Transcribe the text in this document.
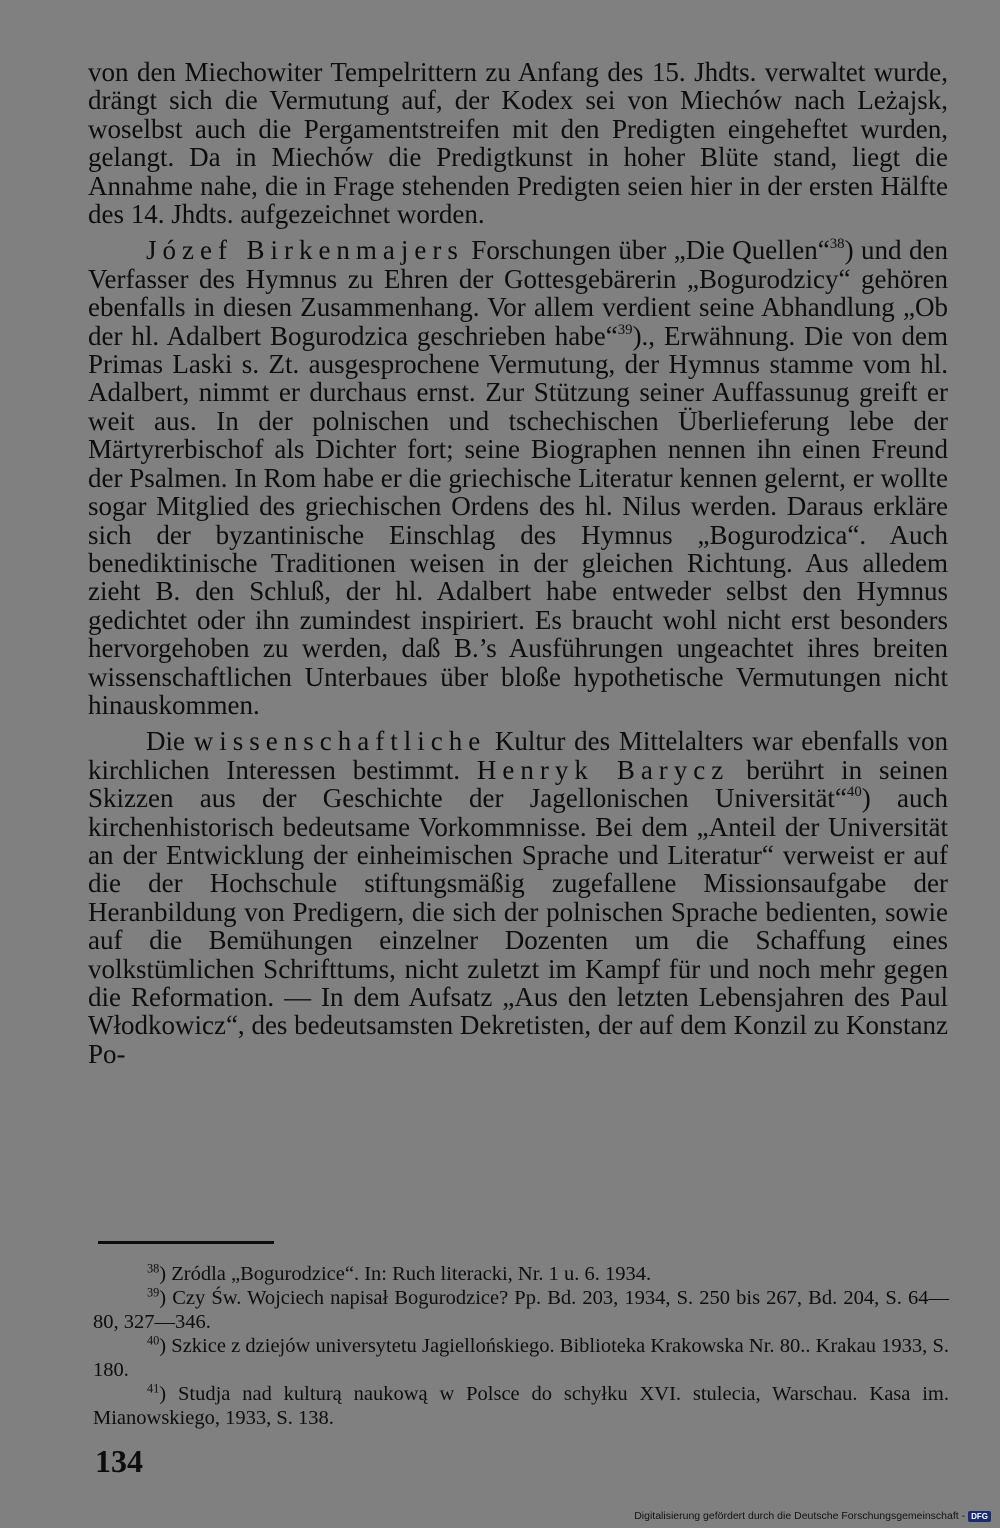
von den Miechowiter Tempelrittern zu Anfang des 15. Jhdts. verwaltet wurde, drängt sich die Vermutung auf, der Kodex sei von Miechów nach Leżajsk, woselbst auch die Pergamentstreifen mit den Predigten eingeheftet wurden, gelangt. Da in Miechów die Predigtkunst in hoher Blüte stand, liegt die Annahme nahe, die in Frage stehenden Predigten seien hier in der ersten Hälfte des 14. Jhdts. aufgezeichnet worden.

Józef Birkenmajers Forschungen über „Die Quellen“$^{38}$) und den Verfasser des Hymnus zu Ehren der Gottesgebärerin „Bogurodzicy“ gehören ebenfalls in diesen Zusammenhang. Vor allem verdient seine Abhandlung „Ob der hl. Adalbert Bogurodzica geschrieben habe“$^{39}$)., Erwähnung. Die von dem Primas Laski s. Zt. ausgesprochene Vermutung, der Hymnus stamme vom hl. Adalbert, nimmt er durchaus ernst. Zur Stützung seiner Auffassunug greift er weit aus. In der polnischen und tschechischen Überlieferung lebe der Märtyrerbischof als Dichter fort; seine Biographen nennen ihn einen Freund der Psalmen. In Rom habe er die griechische Literatur kennen gelernt, er wollte sogar Mitglied des griechischen Ordens des hl. Nilus werden. Daraus erkläre sich der byzantinische Einschlag des Hymnus „Bogurodzica“. Auch benediktinische Traditionen weisen in der gleichen Richtung. Aus alledem zieht B. den Schluß, der hl. Adalbert habe entweder selbst den Hymnus gedichtet oder ihn zumindest inspiriert. Es braucht wohl nicht erst besonders hervorgehoben zu werden, daß B.’s Ausführungen ungeachtet ihres breiten wissenschaftlichen Unterbaues über bloße hypothetische Vermutungen nicht hinauskommen.

Die wissenschaftliche Kultur des Mittelalters war ebenfalls von kirchlichen Interessen bestimmt. Henryk Barycz berührt in seinen Skizzen aus der Geschichte der Jagellonischen Universität“$^{40}$) auch kirchenhistorisch bedeutsame Vorkommnisse. Bei dem „Anteil der Universität an der Entwicklung der einheimischen Sprache und Literatur“ verweist er auf die der Hochschule stiftungsmäßig zugefallene Missionsaufgabe der Heranbildung von Predigern, die sich der polnischen Sprache bedienten, sowie auf die Bemühungen einzelner Dozenten um die Schaffung eines volkstümlichen Schrifttums, nicht zuletzt im Kampf für und noch mehr gegen die Reformation. — In dem Aufsatz „Aus den letzten Lebensjahren des Paul Włodkowicz“, des bedeutsamsten Dekretisten, der auf dem Konzil zu Konstanz Po-

$^{38}$) Zródla „Bogurodzice“. In: Ruch literacki, Nr. 1 u. 6. 1934.

$^{39}$) Czy Św. Wojciech napisał Bogurodzice? Pp. Bd. 203, 1934, S. 250 bis 267, Bd. 204, S. 64—80, 327—346.

$^{40}$) Szkice z dziejów universytetu Jagiellońskiego. Biblioteka Krakowska Nr. 80.. Krakau 1933, S. 180.

$^{41}$) Studja nad kulturą naukową w Polsce do schyłku XVI. stulecia, Warschau. Kasa im. Mianowskiego, 1933, S. 138.

134
Digitalisierung gefördert durch die Deutsche Forschungsgemeinschaft - DFG
